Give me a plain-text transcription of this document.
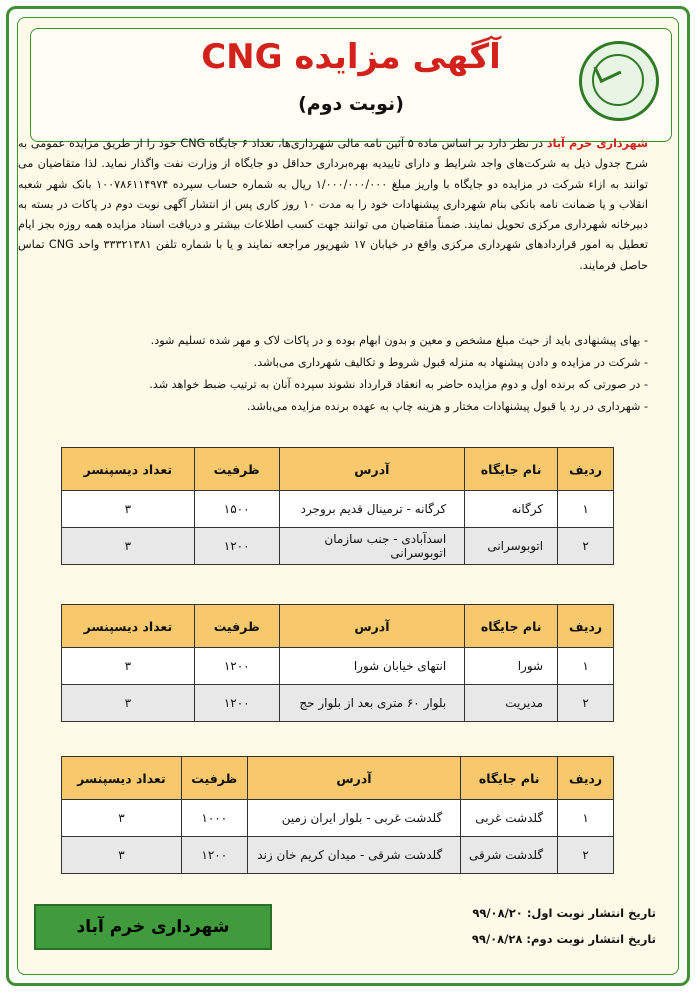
آگهی مزایده CNG
(نوبت دوم)
شهرداری خرم آباد در نظر دارد بر اساس ماده ۵ آئین نامه مالی شهرداری‌ها، تعداد ۶ جایگاه CNG خود را از طریق مزایده عمومی به شرح جدول ذیل به شرکت‌های واجد شرایط و دارای تاییدیه بهره‌برداری حداقل دو جایگاه از وزارت نفت واگذار نماید. لذا متقاضیان می توانند به ازاء شرکت در مزایده دو جایگاه با واریز مبلغ ۱/۰۰۰/۰۰۰/۰۰۰ ریال به شماره حساب سپرده ۱۰۰۷۸۶۱۱۴۹۷۴ بانک شهر شعبه انقلاب و یا ضمانت نامه بانکی بنام شهرداری پیشنهادات خود را به مدت ۱۰ روز کاری پس از انتشار آگهی نوبت دوم در پاکات در بسته به دبیرخانه شهرداری مرکزی تحویل نمایند. ضمناً متقاضیان می توانند جهت کسب اطلاعات بیشتر و دریافت اسناد مزایده همه روزه بجز ایام تعطیل به امور قراردادهای شهرداری مرکزی واقع در خیابان ۱۷ شهریور مراجعه نمایند و یا با شماره تلفن ۳۳۳۲۱۳۸۱ واحد CNG تماس حاصل فرمایند.

- بهای پیشنهادی باید از حیث مبلغ مشخص و معین و بدون ابهام بوده و در پاکات لاک و مهر شده تسلیم شود.

- شرکت در مزایده و دادن پیشنهاد به منزله قبول شروط و تکالیف شهرداری می‌باشد.

- در صورتی که برنده اول و دوم مزایده حاضر به انعقاد قرارداد نشوند سپرده آنان به ترتیب ضبط خواهد شد.

- شهرداری در رد یا قبول پیشنهادات مختار و هزینه چاپ به عهده برنده مزایده می‌باشد.

ردیف	نام جایگاه	آدرس	ظرفیت	تعداد دیسپنسر
۱	کرگانه	کرگانه - ترمینال قدیم بروجرد	۱۵۰۰	۳
۲	اتوبوسرانی	اسدآبادی - جنب سازمان اتوبوسرانی	۱۲۰۰	۳
ردیف	نام جایگاه	آدرس	ظرفیت	تعداد دیسپنسر
۱	شورا	انتهای خیابان شورا	۱۲۰۰	۳
۲	مدیریت	بلوار ۶۰ متری بعد از بلوار حج	۱۲۰۰	۳
ردیف	نام جایگاه	آدرس	ظرفیت	تعداد دیسپنسر
۱	گلدشت غربی	گلدشت غربی - بلوار ایران زمین	۱۰۰۰	۳
۲	گلدشت شرقی	گلدشت شرقی - میدان کریم خان زند	۱۲۰۰	۳
تاریخ انتشار نوبت اول: ۹۹/۰۸/۲۰
تاریخ انتشار نوبت دوم: ۹۹/۰۸/۲۸
شهرداری خرم آباد
